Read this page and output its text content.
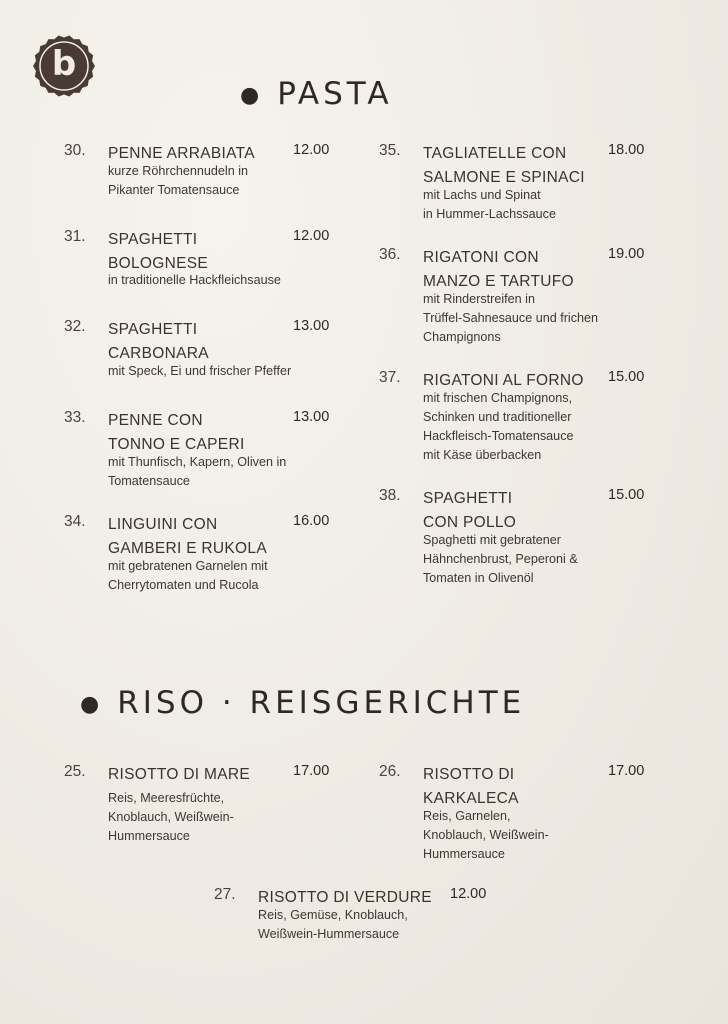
b
● PASTA
30. PENNE ARRABIATA	12.00
kurze Röhrchennudeln in
Pikanter Tomatensauce
31. SPAGHETTI BOLOGNESE
12.00
in traditionelle Hackfleichsause
32. SPAGHETTI CARBONARA
13.00
mit Speck, Ei und frischer Pfeffer
33. PENNE CON TONNO E CAPERI
13.00
mit Thunfisch, Kapern, Oliven in
Tomatensauce
34. LINGUINI CON GAMBERI E RUKOLA
16.00
mit gebratenen Garnelen mit
Cherrytomaten und Rucola
35. TAGLIATELLE CON SALMONE E SPINACI
18.00
mit Lachs und Spinat
in Hummer-Lachssauce
36. RIGATONI CON MANZO E TARTUFO
19.00
mit Rinderstreifen in
Trüffel-Sahnesauce und frichen
Champignons
37. RIGATONI AL FORNO	15.00
mit frischen Champignons,
Schinken und traditioneller
Hackfleisch-Tomatensauce
mit Käse überbacken
38. SPAGHETTI CON POLLO
15.00
Spaghetti mit gebratener
Hähnchenbrust, Peperoni &
Tomaten in Olivenöl
● RISO · REISGERICHTE
25. RISOTTO DI MARE	17.00
Reis, Meeresfrüchte,
Knoblauch, Weißwein-
Hummersauce
26. RISOTTO DI KARKALECA
17.00
Reis, Garnelen,
Knoblauch, Weißwein-
Hummersauce
27. RISOTTO DI VERDURE	12.00
Reis, Gemüse, Knoblauch,
Weißwein-Hummersauce
